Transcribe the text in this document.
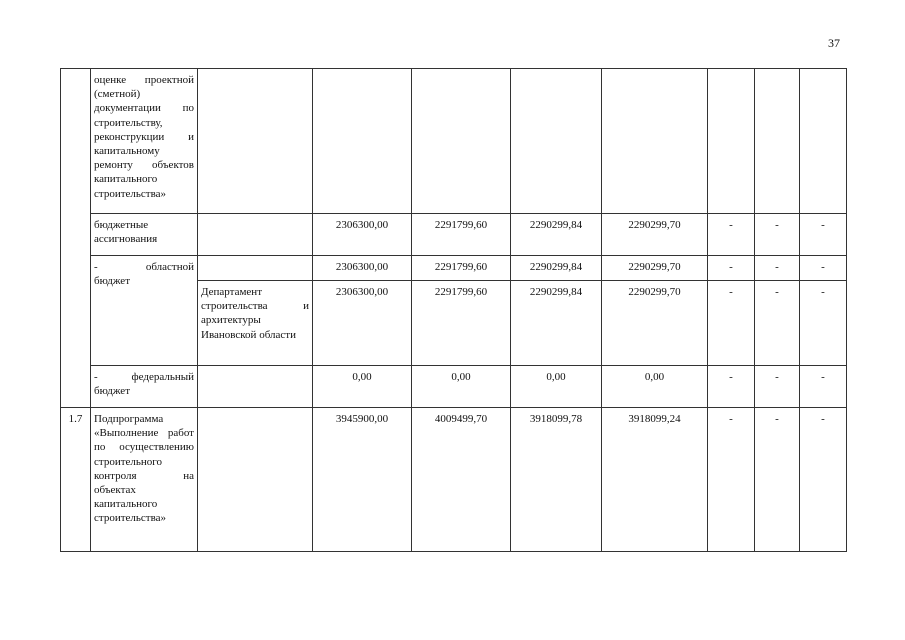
37
	оценке проектной (сметной) документации по строительству, реконструкции и капитальному ремонту объектов капитального строительства»								
	бюджетные ассигнования		2306300,00	2291799,60	2290299,84	2290299,70	-	-	-

	- областной
бюджет		2306300,00	2291799,60	2290299,84	2290299,70	-	-	-
		Департамент строительства и архитектуры Ивановской области	2306300,00	2291799,60	2290299,84	2290299,70	-	-	-

	- федеральный
бюджет		0,00	0,00	0,00	0,00	-	-	-
1.7	Подпрограмма «Выполнение работ по осуществлению строительного контроля на объектах капитального строительства»		3945900,00	4009499,70	3918099,78	3918099,24	-	-	-
